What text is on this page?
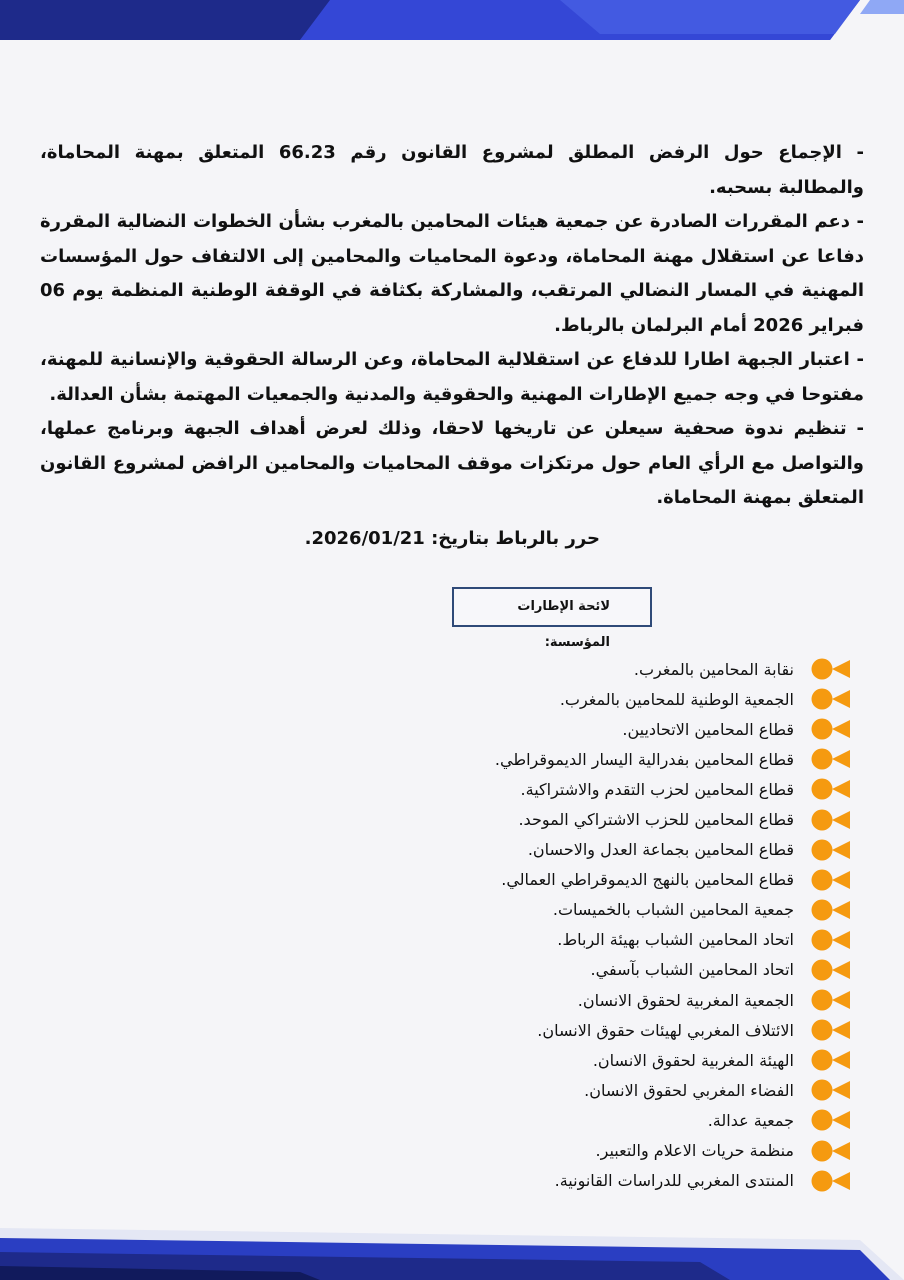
- الإجماع حول الرفض المطلق لمشروع القانون رقم 66.23 المتعلق بمهنة المحاماة، والمطالبة بسحبه.

- دعم المقررات الصادرة عن جمعية هيئات المحامين بالمغرب بشأن الخطوات النضالية المقررة دفاعا عن استقلال مهنة المحاماة، ودعوة المحاميات والمحامين إلى الالتفاف حول المؤسسات المهنية في المسار النضالي المرتقب، والمشاركة بكثافة في الوقفة الوطنية المنظمة يوم 06 فبراير 2026 أمام البرلمان بالرباط.

- اعتبار الجبهة اطارا للدفاع عن استقلالية المحاماة، وعن الرسالة الحقوقية والإنسانية للمهنة، مفتوحا في وجه جميع الإطارات المهنية والحقوقية والمدنية والجمعيات المهتمة بشأن العدالة.

- تنظيم ندوة صحفية سيعلن عن تاريخها لاحقا، وذلك لعرض أهداف الجبهة وبرنامج عملها، والتواصل مع الرأي العام حول مرتكزات موقف المحاميات والمحامين الرافض لمشروع القانون المتعلق بمهنة المحاماة.

حرر بالرباط بتاريخ: 2026/01/21.
لائحة الإطارات المؤسسة:
نقابة المحامين بالمغرب.
الجمعية الوطنية للمحامين بالمغرب.
قطاع المحامين الاتحاديين.
قطاع المحامين بفدرالية اليسار الديموقراطي.
قطاع المحامين لحزب التقدم والاشتراكية.
قطاع المحامين للحزب الاشتراكي الموحد.
قطاع المحامين بجماعة العدل والاحسان.
قطاع المحامين بالنهج الديموقراطي العمالي.
جمعية المحامين الشباب بالخميسات.
اتحاد المحامين الشباب بهيئة الرباط.
اتحاد المحامين الشباب بآسفي.
الجمعية المغربية لحقوق الانسان.
الائتلاف المغربي لهيئات حقوق الانسان.
الهيئة المغربية لحقوق الانسان.
الفضاء المغربي لحقوق الانسان.
جمعية عدالة.
منظمة حريات الاعلام والتعبير.
المنتدى المغربي للدراسات القانونية.
